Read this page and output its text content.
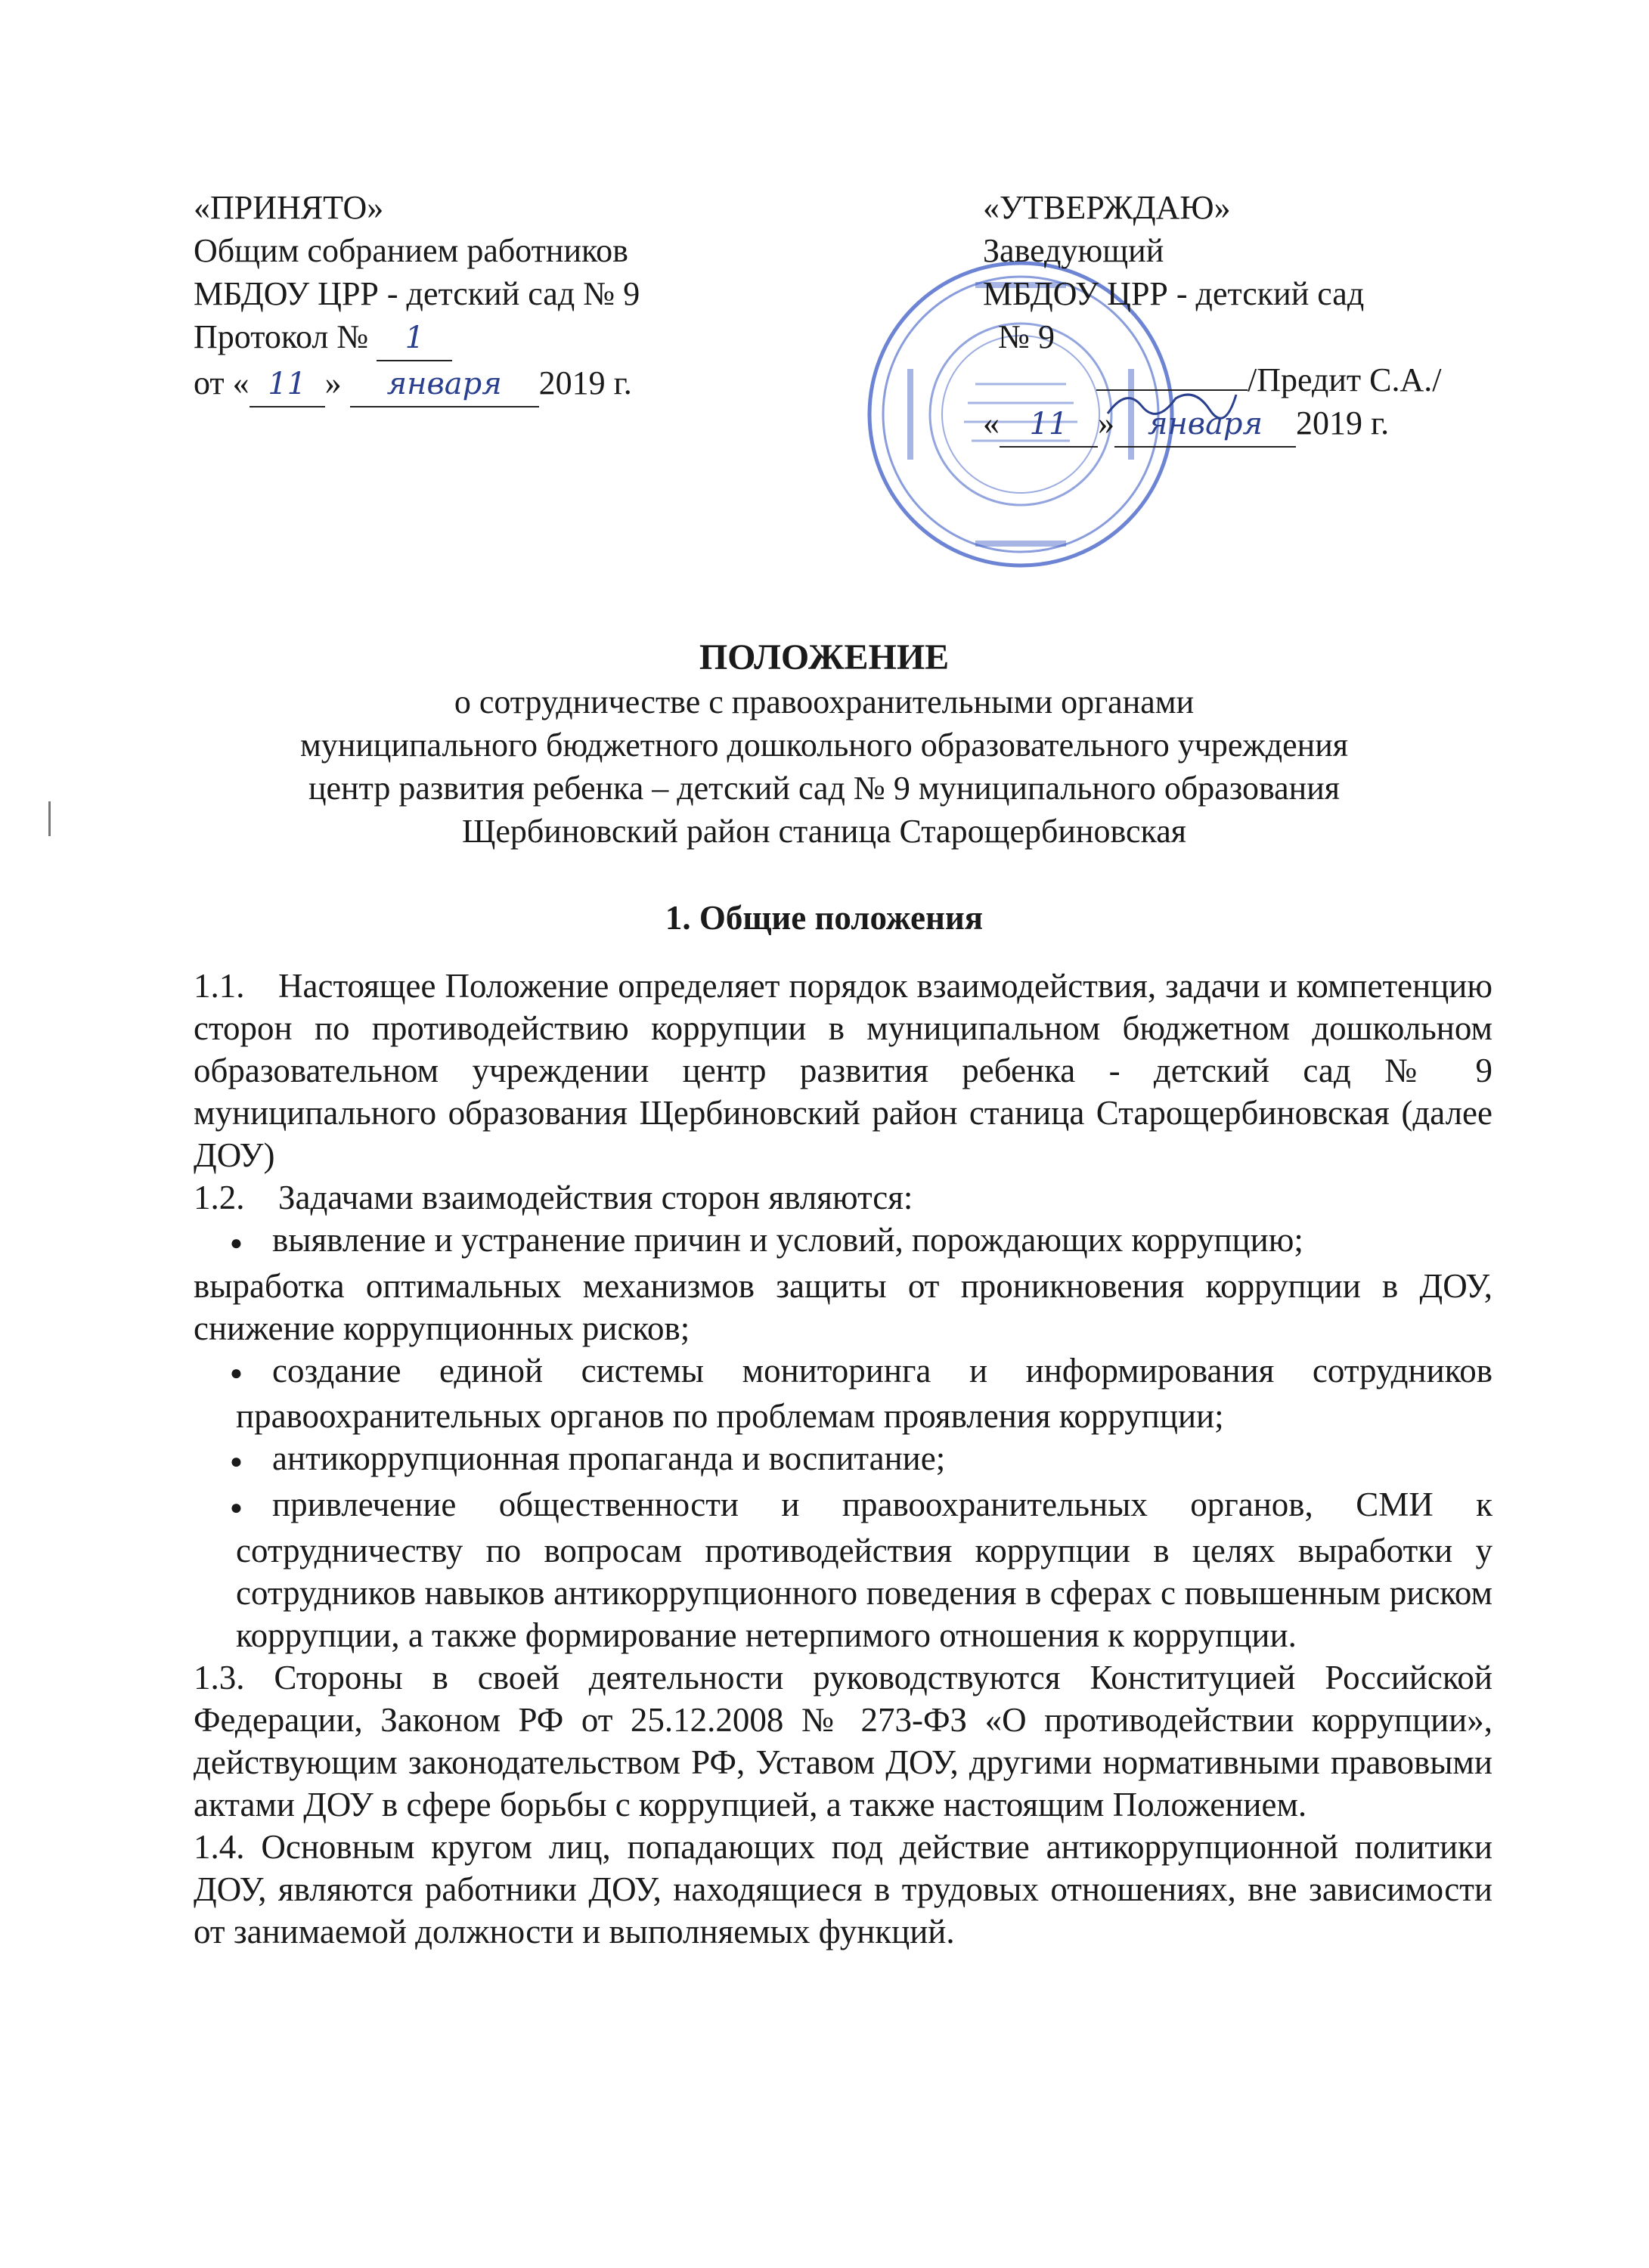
«ПРИНЯТО»
Общим собранием работников
МБДОУ ЦРР - детский сад № 9
Протокол № 1
от « 11 » января 2019 г.
«УТВЕРЖДАЮ»
Заведующий
МБДОУ ЦРР - детский сад
№ 9
/Предит С.А./
« 11 » января 2019 г.
ПОЛОЖЕНИЕ
о сотрудничестве с правоохранительными органами
муниципального бюджетного дошкольного образовательного учреждения
центр развития ребенка – детский сад № 9 муниципального образования
Щербиновский район станица Старощербиновская
1. Общие положения

1.1. Настоящее Положение определяет порядок взаимодействия, задачи и компетенцию сторон по противодействию коррупции в муниципальном бюджетном дошкольном образовательном учреждении центр развития ребенка - детский сад № 9 муниципального образования Щербиновский район станица Старощербиновская (далее ДОУ)

1.2. Задачами взаимодействия сторон являются:

● выявление и устранение причин и условий, порождающих коррупцию;

выработка оптимальных механизмов защиты от проникновения коррупции в ДОУ, снижение коррупционных рисков;

● создание единой системы мониторинга и информирования сотрудников правоохранительных органов по проблемам проявления коррупции;

● антикоррупционная пропаганда и воспитание;

● привлечение общественности и правоохранительных органов, СМИ к сотрудничеству по вопросам противодействия коррупции в целях выработки у сотрудников навыков антикоррупционного поведения в сферах с повышенным риском коррупции, а также формирование нетерпимого отношения к коррупции.

1.3. Стороны в своей деятельности руководствуются Конституцией Российской Федерации, Законом РФ от 25.12.2008 № 273-ФЗ «О противодействии коррупции», действующим законодательством РФ, Уставом ДОУ, другими нормативными правовыми актами ДОУ в сфере борьбы с коррупцией, а также настоящим Положением.

1.4. Основным кругом лиц, попадающих под действие антикоррупционной политики ДОУ, являются работники ДОУ, находящиеся в трудовых отношениях, вне зависимости от занимаемой должности и выполняемых функций.
